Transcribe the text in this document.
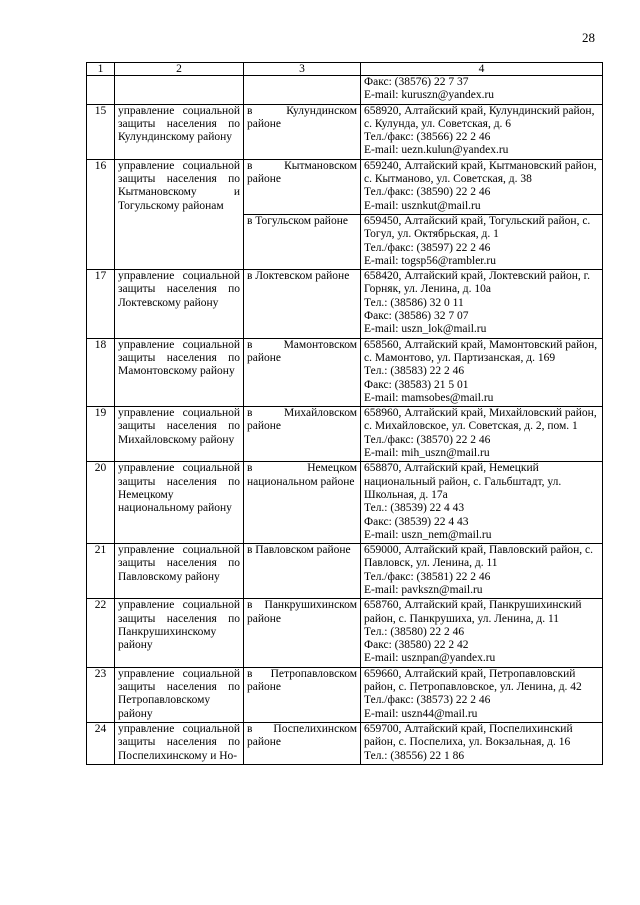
28
1	2	3	4

			Факс: (38576) 22 7 37
E-mail: kuruszn@yandex.ru

15	управление социальной защиты населения по Кулундинскому району	в Кулундинском районе	658920, Алтайский край, Кулундинский район, с. Кулунда, ул. Советская, д. 6
Тел./факс: (38566) 22 2 46
E-mail: uezn.kulun@yandex.ru

16	управление социальной защиты населения по Кытмановскому и Тогульскому районам	в Кытмановском районе	659240, Алтайский край, Кытмановский район, с. Кытманово, ул. Советская, д. 38
Тел./факс: (38590) 22 2 46
E-mail: usznkut@mail.ru

		в Тогульском районе	659450, Алтайский край, Тогульский район, с. Тогул, ул. Октябрьская, д. 1
Тел./факс: (38597) 22 2 46
E-mail: togsp56@rambler.ru

17	управление социальной защиты населения по Локтевскому району	в Локтевском районе	658420, Алтайский край, Локтевский район, г. Горняк, ул. Ленина, д. 10а
Тел.: (38586) 32 0 11
Факс: (38586) 32 7 07
E-mail: uszn_lok@mail.ru

18	управление социальной защиты населения по Мамонтовскому району	в Мамонтовском районе	658560, Алтайский край, Мамонтовский район, с. Мамонтово, ул. Партизанская, д. 169
Тел.: (38583) 22 2 46
Факс: (38583) 21 5 01
E-mail: mamsobes@mail.ru

19	управление социальной защиты населения по Михайловскому району	в Михайловском районе	658960, Алтайский край, Михайловский район, с. Михайловское, ул. Советская, д. 2, пом. 1
Тел./факс: (38570) 22 2 46
E-mail: mih_uszn@mail.ru

20	управление социальной защиты населения по Немецкому национальному району	в Немецком национальном районе	658870, Алтайский край, Немецкий национальный район, с. Гальбштадт, ул. Школьная, д. 17а
Тел.: (38539) 22 4 43
Факс: (38539) 22 4 43
E-mail: uszn_nem@mail.ru

21	управление социальной защиты населения по Павловскому району	в Павловском районе	659000, Алтайский край, Павловский район, с. Павловск, ул. Ленина, д. 11
Тел./факс: (38581) 22 2 46
E-mail: pavkszn@mail.ru

22	управление социальной защиты населения по Панкрушихинскому району	в Панкрушихинском районе	658760, Алтайский край, Панкрушихинский район, с. Панкрушиха, ул. Ленина, д. 11
Тел.: (38580) 22 2 46
Факс: (38580) 22 2 42
E-mail: usznpan@yandex.ru

23	управление социальной защиты населения по Петропавловскому району	в Петропавловском районе	659660, Алтайский край, Петропавловский район, с. Петропавловское, ул. Ленина, д. 42
Тел./факс: (38573) 22 2 46
E-mail: uszn44@mail.ru

24	управление социальной защиты населения по Поспелихинскому и Но-	в Поспелихинском районе	659700, Алтайский край, Поспелихинский район, с. Поспелиха, ул. Вокзальная, д. 16
Тел.: (38556) 22 1 86
